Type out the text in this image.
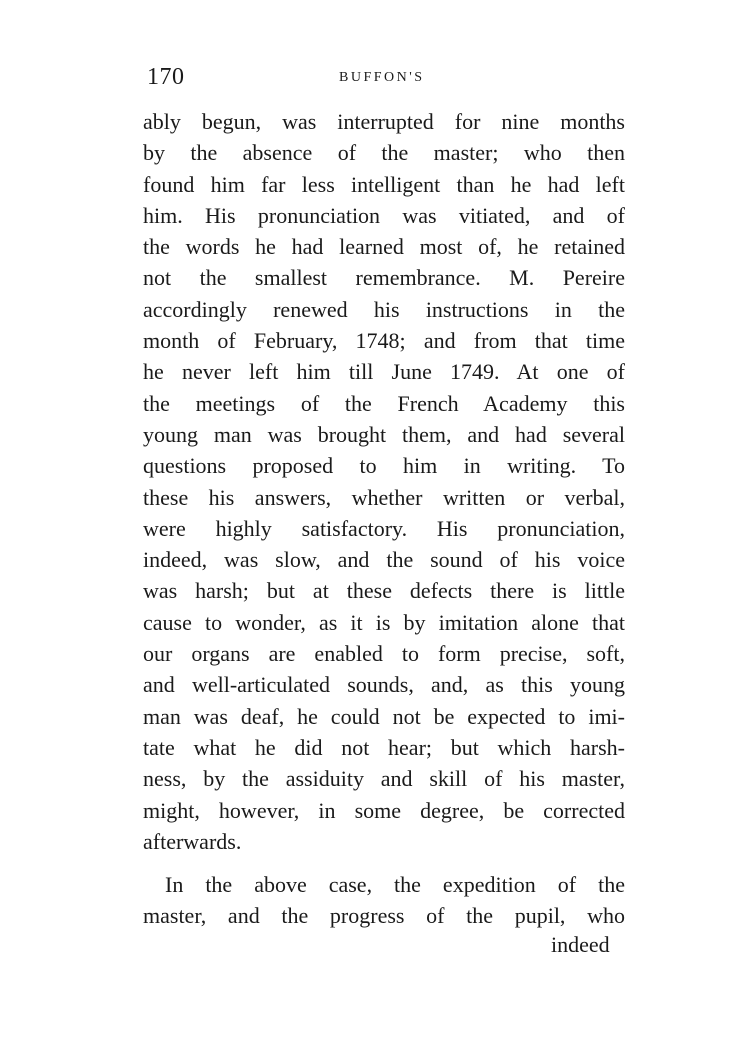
170	BUFFON'S
ably begun, was interrupted for nine months
by the absence of the master; who then
found him far less intelligent than he had left
him. His pronunciation was vitiated, and of
the words he had learned most of, he retained
not the smallest remembrance. M. Pereire
accordingly renewed his instructions in the
month of February, 1748; and from that time
he never left him till June 1749. At one of
the meetings of the French Academy this
young man was brought them, and had several
questions proposed to him in writing. To
these his answers, whether written or verbal,
were highly satisfactory. His pronunciation,
indeed, was slow, and the sound of his voice
was harsh; but at these defects there is little
cause to wonder, as it is by imitation alone that
our organs are enabled to form precise, soft,
and well-articulated sounds, and, as this young
man was deaf, he could not be expected to imi-
tate what he did not hear; but which harsh-
ness, by the assiduity and skill of his master,
might, however, in some degree, be corrected
afterwards.
In the above case, the expedition of the
master, and the progress of the pupil, who
indeed
